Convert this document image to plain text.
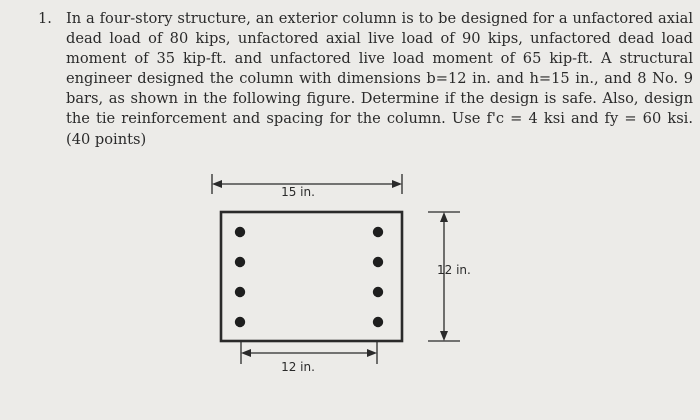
1. In a four-story structure, an exterior column is to be designed for a unfactored axial dead load of 80 kips, unfactored axial live load of 90 kips, unfactored dead load moment of 35 kip-ft. and unfactored live load moment of 65 kip-ft. A structural engineer designed the column with dimensions b=12 in. and h=15 in., and 8 No. 9 bars, as shown in the following figure. Determine if the design is safe. Also, design the tie reinforcement and spacing for the column. Use f'c = 4 ksi and fy = 60 ksi. (40 points)
15 in.
12 in.
12 in.
